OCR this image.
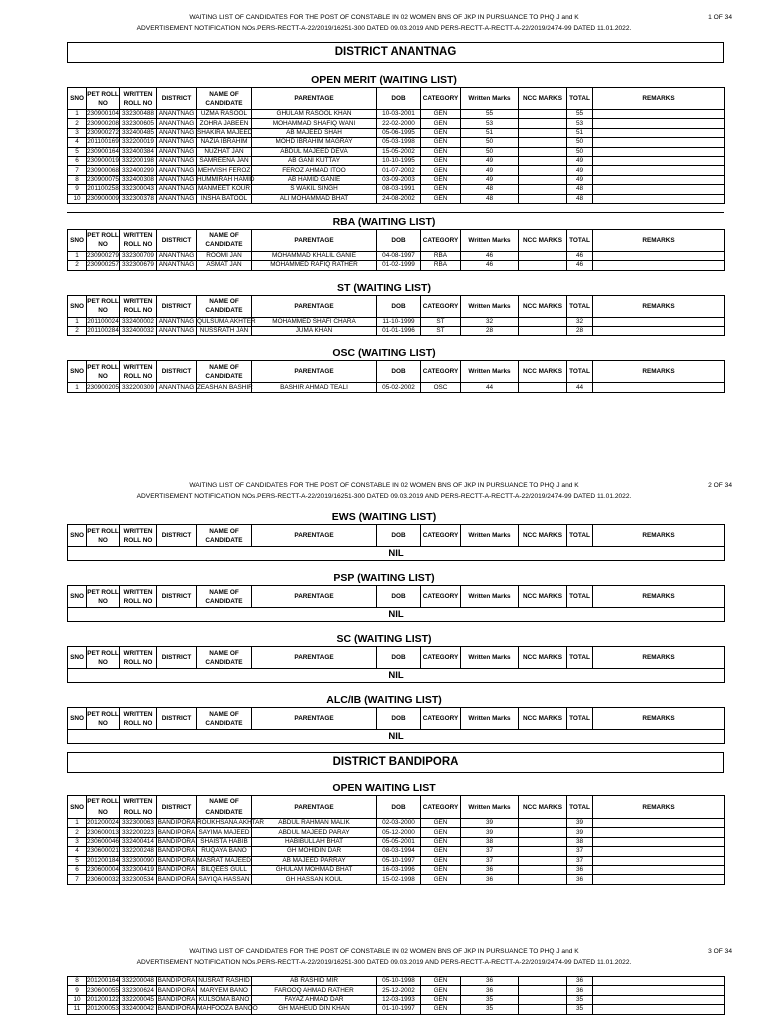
WAITING LIST OF CANDIDATES FOR THE POST OF CONSTABLE IN 02 WOMEN BNS OF JKP IN PURSUANCE TO PHQ J and K
ADVERTISEMENT NOTIFICATION NOs.PERS-RECTT-A-22/2019/16251-300 DATED 09.03.2019 AND PERS-RECTT-A-RECTT-A-22/2019/2474-99 DATED 11.01.2022.
1 OF 34
DISTRICT ANANTNAG
OPEN MERIT (WAITING LIST)
SNO	PET ROLL NO	WRITTEN ROLL NO	DISTRICT	NAME OF CANDIDATE	PARENTAGE	DOB	CATEGORY	Written Marks	NCC MARKS	TOTAL	REMARKS
1	230900104	332300488	ANANTNAG	UZMA RASOOL	GHULAM RASOOL KHAN	10-03-2001	GEN	55		55	
2	230900208	332300605	ANANTNAG	ZOHRA JABEEN	MOHAMMAD SHAFIQ WANI	22-02-2000	GEN	53		53	
3	230900272	332400485	ANANTNAG	SHAKIRA MAJEED	AB MAJEED SHAH	05-06-1995	GEN	51		51	
4	201100169	332200019	ANANTNAG	NAZIA IBRAHIM	MOHD IBRAHIM MAGRAY	05-03-1998	GEN	50		50	
5	230900164	332400384	ANANTNAG	NUZHAT JAN	ABDUL MAJEED DEVA	15-05-2002	GEN	50		50	
6	230900019	332200198	ANANTNAG	SAMREENA JAN	AB GANI KUTTAY	10-10-1995	GEN	49		49	
7	230900068	332400299	ANANTNAG	MEHVISH FEROZ	FEROZ AHMAD ITOO	01-07-2002	GEN	49		49	
8	230900075	332400308	ANANTNAG	HUMMIRAH HAMID	AB HAMID GANIE	03-09-2003	GEN	49		49	
9	201100258	332300043	ANANTNAG	MANMEET KOUR	S WAKIL SINGH	08-03-1991	GEN	48		48	
10	230900009	332300378	ANANTNAG	INSHA BATOOL	ALI MOHAMMAD BHAT	24-08-2002	GEN	48		48	
RBA (WAITING LIST)
SNO	PET ROLL NO	WRITTEN ROLL NO	DISTRICT	NAME OF CANDIDATE	PARENTAGE	DOB	CATEGORY	Written Marks	NCC MARKS	TOTAL	REMARKS
1	230900279	332300709	ANANTNAG	ROOMI JAN	MOHAMMAD KHALIL GANIE	04-08-1997	RBA	46		46	
2	230900257	332300679	ANANTNAG	ASMAT JAN	MOHAMMED RAFIQ RATHER	01-02-1999	RBA	46		46	
ST (WAITING LIST)
SNO	PET ROLL NO	WRITTEN ROLL NO	DISTRICT	NAME OF CANDIDATE	PARENTAGE	DOB	CATEGORY	Written Marks	NCC MARKS	TOTAL	REMARKS
1	201100024	332400002	ANANTNAG	QULSUMA AKHTER	MOHAMMED SHAFI CHARA	11-10-1999	ST	32		32	
2	201100284	332400032	ANANTNAG	NUSSRATH JAN	JUMA KHAN	01-01-1996	ST	28		28	
OSC (WAITING LIST)
SNO	PET ROLL NO	WRITTEN ROLL NO	DISTRICT	NAME OF CANDIDATE	PARENTAGE	DOB	CATEGORY	Written Marks	NCC MARKS	TOTAL	REMARKS
1	230900205	332200309	ANANTNAG	ZEASHAN BASHIR	BASHIR AHMAD TEALI	05-02-2002	OSC	44		44	
WAITING LIST OF CANDIDATES FOR THE POST OF CONSTABLE IN 02 WOMEN BNS OF JKP IN PURSUANCE TO PHQ J and K
ADVERTISEMENT NOTIFICATION NOs.PERS-RECTT-A-22/2019/16251-300 DATED 09.03.2019 AND PERS-RECTT-A-RECTT-A-22/2019/2474-99 DATED 11.01.2022.
2 OF 34
EWS (WAITING LIST)
SNO	PET ROLL NO	WRITTEN ROLL NO	DISTRICT	NAME OF CANDIDATE	PARENTAGE	DOB	CATEGORY	Written Marks	NCC MARKS	TOTAL	REMARKS
NIL
PSP (WAITING LIST)
SNO	PET ROLL NO	WRITTEN ROLL NO	DISTRICT	NAME OF CANDIDATE	PARENTAGE	DOB	CATEGORY	Written Marks	NCC MARKS	TOTAL	REMARKS
NIL
SC (WAITING LIST)
SNO	PET ROLL NO	WRITTEN ROLL NO	DISTRICT	NAME OF CANDIDATE	PARENTAGE	DOB	CATEGORY	Written Marks	NCC MARKS	TOTAL	REMARKS
NIL
ALC/IB (WAITING LIST)
SNO	PET ROLL NO	WRITTEN ROLL NO	DISTRICT	NAME OF CANDIDATE	PARENTAGE	DOB	CATEGORY	Written Marks	NCC MARKS	TOTAL	REMARKS
NIL
DISTRICT BANDIPORA
OPEN WAITING LIST
SNO	PET ROLL NO	WRITTEN ROLL NO	DISTRICT	NAME OF CANDIDATE	PARENTAGE	DOB	CATEGORY	Written Marks	NCC MARKS	TOTAL	REMARKS
1	201200024	332300063	BANDIPORA	ROUKHSANA AKHTAR	ABDUL RAHMAN MALIK	02-03-2000	GEN	39		39	
2	230600013	332200223	BANDIPORA	SAYIMA MAJEED	ABDUL MAJEED PARAY	05-12-2000	GEN	39		39	
3	230600046	332400414	BANDIPORA	SHAISTA HABIB	HABIBULLAH BHAT	05-05-2001	GEN	38		38	
4	230600021	332200248	BANDIPORA	RUQAYA BANO	GH MOHIDIN DAR	08-03-1994	GEN	37		37	
5	201200184	332300090	BANDIPORA	MASRAT MAJEED	AB MAJEED PARRAY	05-10-1997	GEN	37		37	
6	230600004	332300419	BANDIPORA	BILQEES GULL	GHULAM MOHMAD BHAT	16-03-1996	GEN	36		36	
7	230600032	332300534	BANDIPORA	SAYIQA HASSAN	GH HASSAN KOUL	15-02-1998	GEN	36		36	
WAITING LIST OF CANDIDATES FOR THE POST OF CONSTABLE IN 02 WOMEN BNS OF JKP IN PURSUANCE TO PHQ J and K
ADVERTISEMENT NOTIFICATION NOs.PERS-RECTT-A-22/2019/16251-300 DATED 09.03.2019 AND PERS-RECTT-A-RECTT-A-22/2019/2474-99 DATED 11.01.2022.
3 OF 34
8	201200164	332200048	BANDIPORA	NUSRAT RASHID	AB RASHID MIR	05-10-1998	GEN	36		36	
9	230600055	332300624	BANDIPORA	MARYEM BANO	FAROOQ AHMAD RATHER	25-12-2002	GEN	36		36	
10	201200122	332200045	BANDIPORA	KULSOMA BANO	FAYAZ AHMAD DAR	12-03-1993	GEN	35		35	
11	201200053	332400042	BANDIPORA	MAHFOOZA BANOO	GH MAHEUD DIN KHAN	01-10-1997	GEN	35		35	
